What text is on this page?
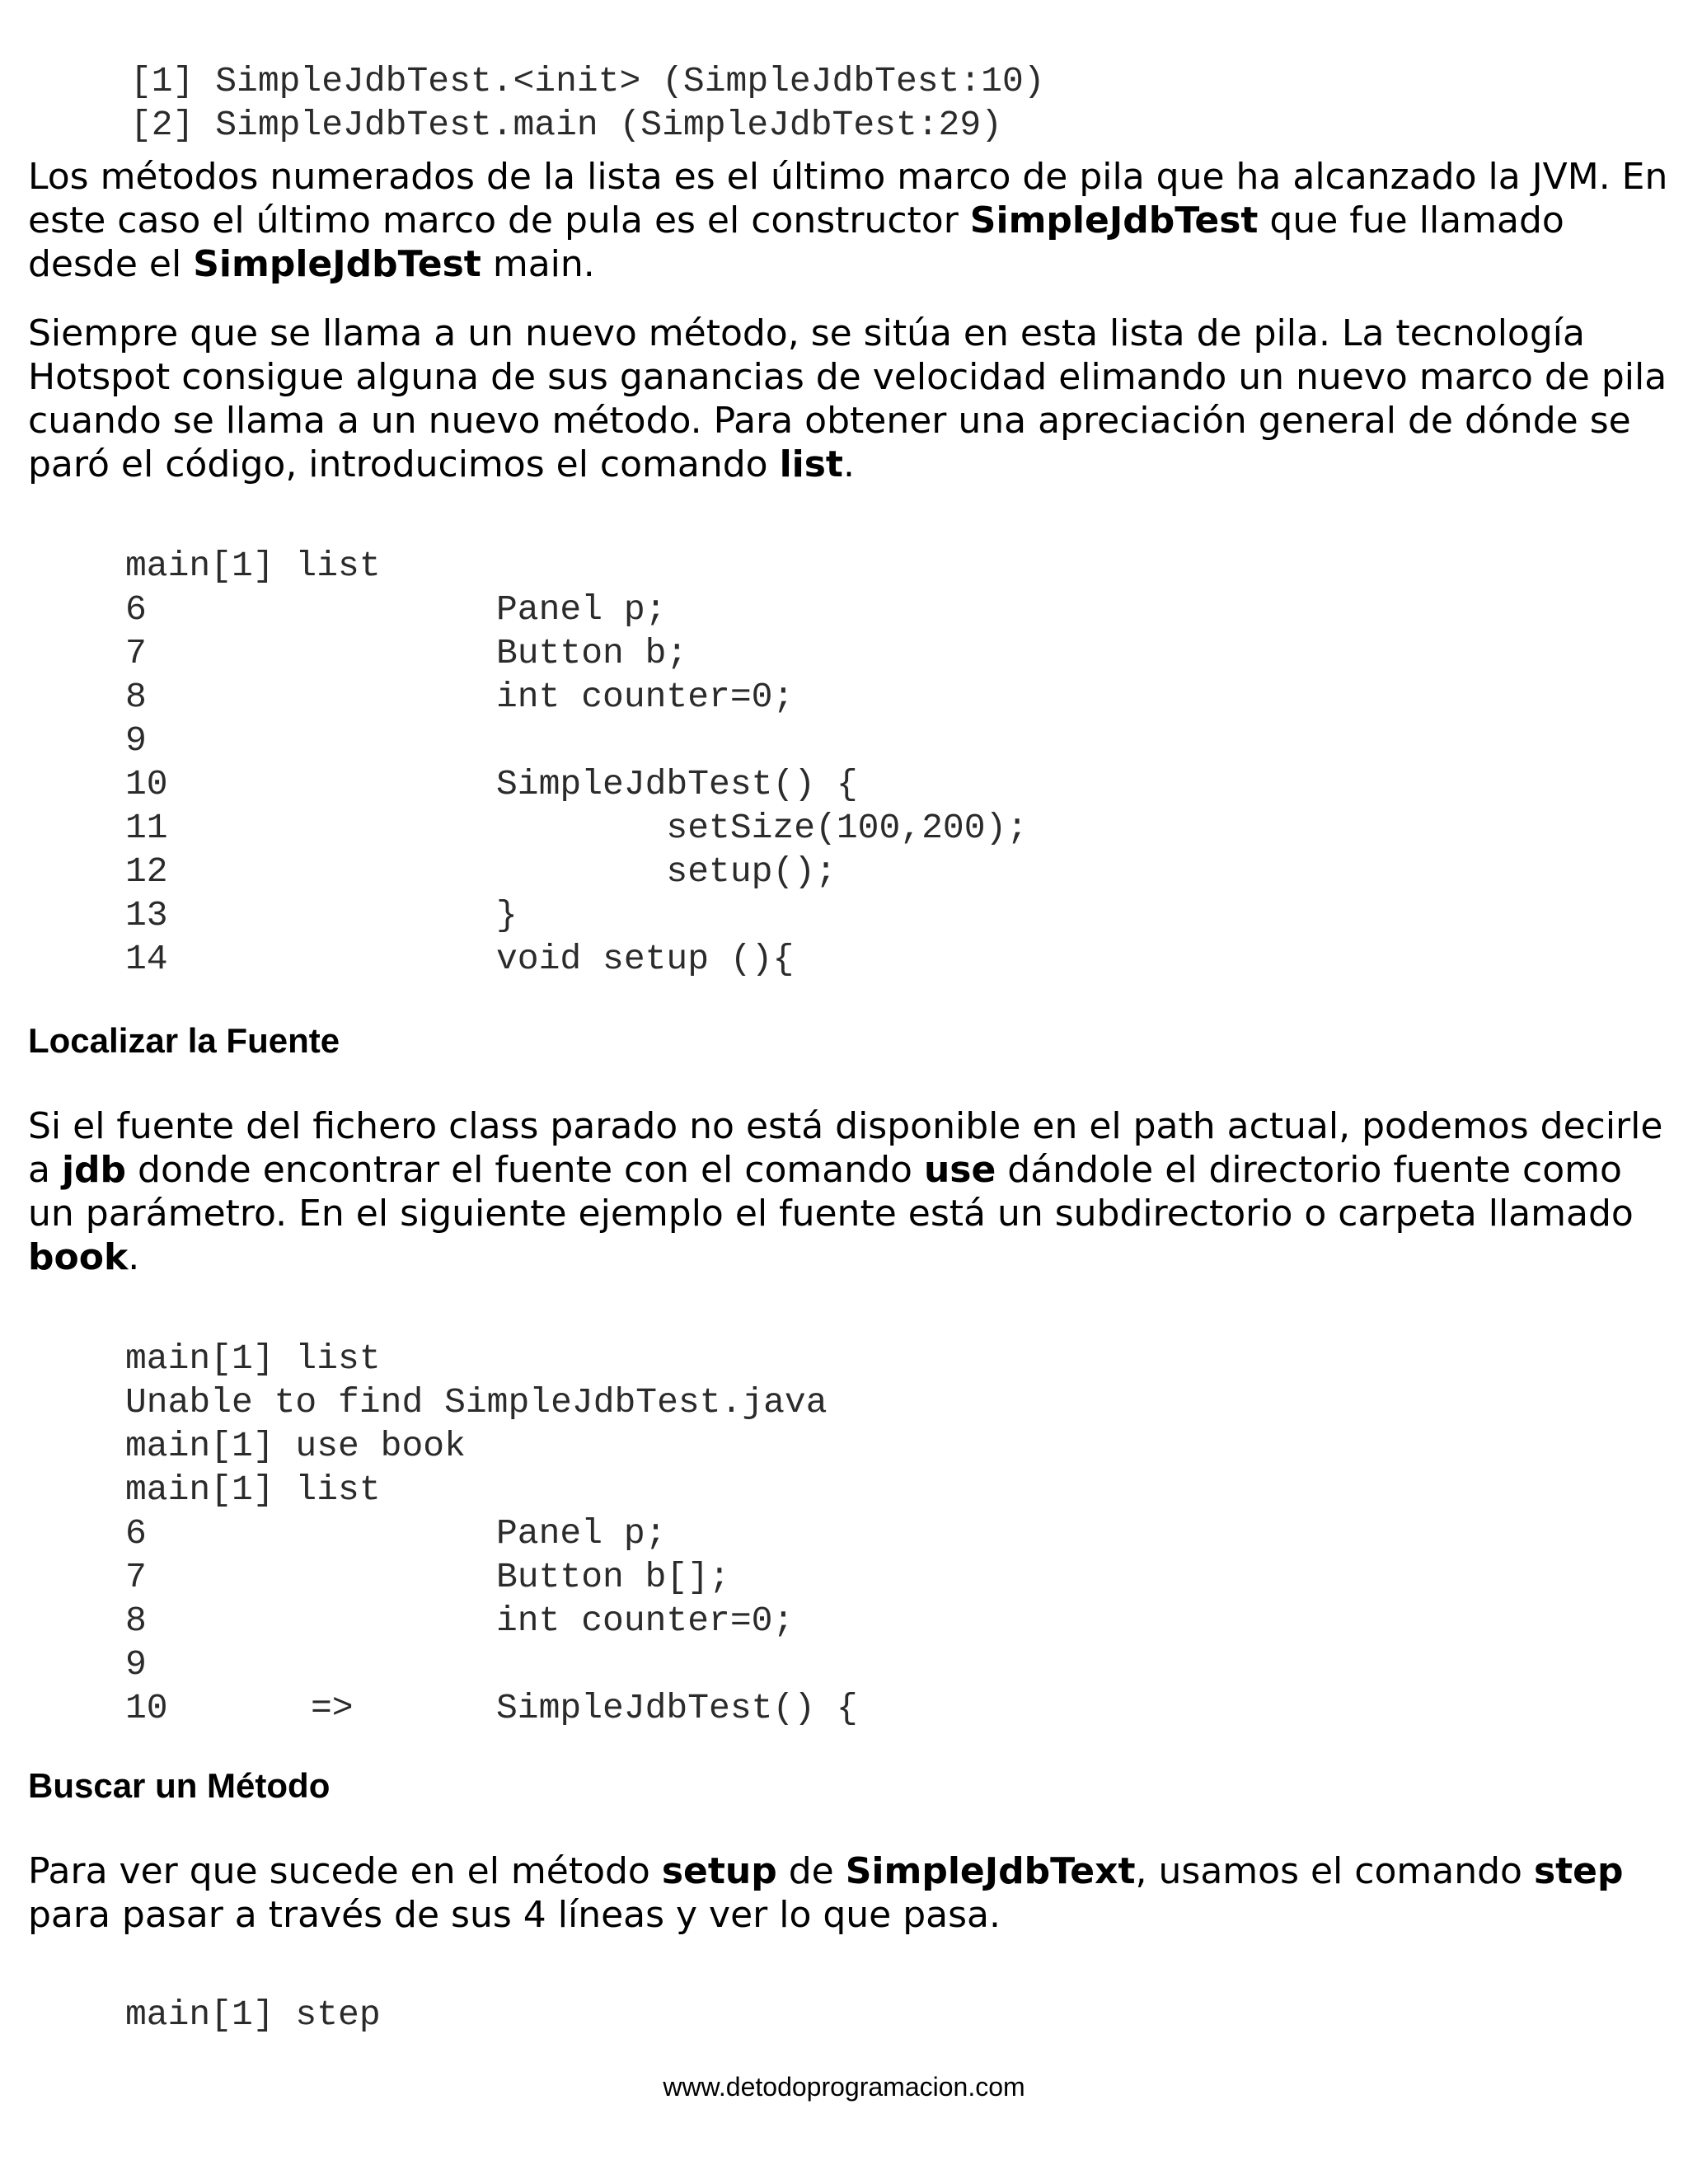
[1] SimpleJdbTest.<init> (SimpleJdbTest:10)
[2] SimpleJdbTest.main (SimpleJdbTest:29)

Los métodos numerados de la lista es el último marco de pila que ha alcanzado la JVM. En este caso el último marco de pula es el constructor SimpleJdbTest que fue llamado desde el SimpleJdbTest main.

Siempre que se llama a un nuevo método, se sitúa en esta lista de pila. La tecnología Hotspot consigue alguna de sus ganancias de velocidad elimando un nuevo marco de pila cuando se llama a un nuevo método. Para obtener una apreciación general de dónde se paró el código, introducimos el comando list.

main[1] list
6	Panel p;
7	Button b;
8	int counter=0;
9
10	SimpleJdbTest() {
11	setSize(100,200);
12	setup();
13	}
14	void setup (){
Localizar la Fuente

Si el fuente del fichero class parado no está disponible en el path actual, podemos decirle a jdb donde encontrar el fuente con el comando use dándole el directorio fuente como un parámetro. En el siguiente ejemplo el fuente está un subdirectorio o carpeta llamado book.

main[1] list
Unable to find SimpleJdbTest.java
main[1] use book
main[1] list
6	Panel p;
7	Button b[];
8	int counter=0;
9
10	=>	SimpleJdbTest() {
Buscar un Método

Para ver que sucede en el método setup de SimpleJdbText, usamos el comando step para pasar a través de sus 4 líneas y ver lo que pasa.

main[1] step
www.detodoprogramacion.com
